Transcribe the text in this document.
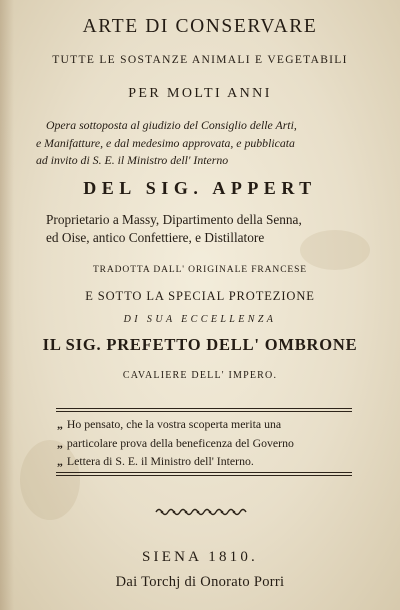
ARTE DI CONSERVARE
TUTTE LE SOSTANZE ANIMALI E VEGETABILI
PER MOLTI ANNI
Opera sottoposta al giudizio del Consiglio delle Arti,
e Manifatture, e dal medesimo approvata, e pubblicata
ad invito di S. E. il Ministro dell' Interno
DEL SIG. APPERT
Proprietario a Massy, Dipartimento della Senna,
ed Oise, antico Confettiere, e Distillatore
TRADOTTA DALL' ORIGINALE FRANCESE
E SOTTO LA SPECIAL PROTEZIONE
DI SUA ECCELLENZA
IL SIG. PREFETTO DELL' OMBRONE
CAVALIERE DELL' IMPERO.
„ Ho pensato, che la vostra scoperta merita una
„ particolare prova della beneficenza del Governo
„ Lettera di S. E. il Ministro dell' Interno.
SIENA 1810.
Dai Torchj di Onorato Porri
